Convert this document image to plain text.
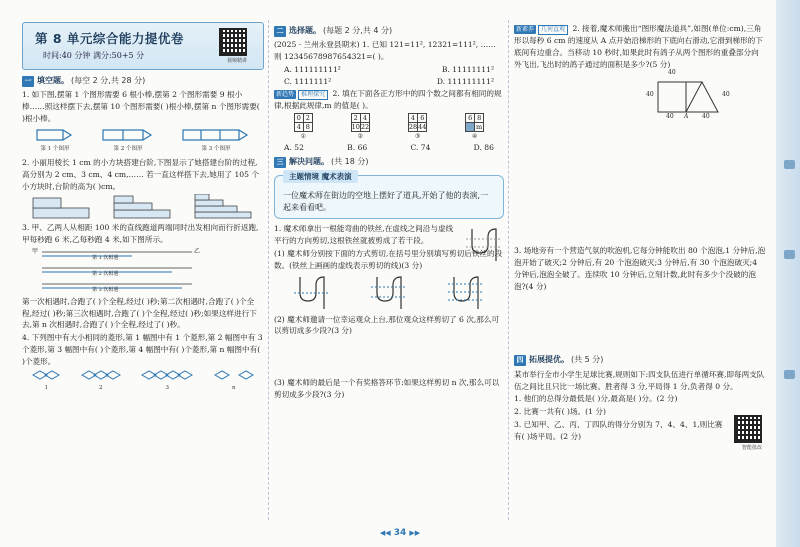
第 8 单元综合能力提优卷
时间:40 分钟 满分:50+5 分
视频精讲
一 填空题。 (每空 2 分,共 28 分)
1. 如下图,摆第 1 个图形需要 6 根小棒,摆第 2 个图形需要 9 根小棒……照这样摆下去,摆第 10 个图形需要( )根小棒,摆第 n 个图形需要( )根小棒。
第 1 个图形	第 2 个图形	第 3 个图形
2. 小丽用棱长 1 cm 的小方块搭建台阶,下图显示了她搭建台阶的过程,高分别为 2 cm、3 cm、4 cm,…… 若一直这样搭下去,她用了 105 个小方块时,台阶的高为( )cm。
3. 甲、乙两人从相距 100 米的直线跑道两端同时出发相向而行折返跑,甲每秒跑 6 米,乙每秒跑 4 米,如下图所示。
甲	乙
第 1 次相遇
第 2 次相遇
第 3 次相遇
第一次相遇时,合跑了( )个全程,经过( )秒;第二次相遇时,合跑了( )个全程,经过( )秒;第三次相遇时,合跑了( )个全程,经过( )秒;如果这样进行下去,第 n 次相遇时,合跑了( )个全程,经过了( )秒。
4. 下列图中有大小相同的菱形,第 1 幅图中有 1 个菱形,第 2 幅图中有 3 个菱形,第 3 幅图中有( )个菱形,第 4 幅图中有( )个菱形,第 n 幅图中有( )个菱形。
1	2	3	n
二 选择题。 (每题 2 分,共 4 分)
(2025 · 兰州永登县期末) 1. 已知 121=11², 12321=111², …… 则 12345678987654321=( )。
A. 111111111²	B. 11111111²
C. 1111111²	D. 111111111²
新趋势 推理探究 2. 填在下面各正方形中的四个数之间都有相同的规律,根据此规律,m 的值是( )。
0	2
4	8
①
2	4
10	22
②
4	6
28	44
③
6	8
	m
④
A. 52	B. 66	C. 74	D. 86
三 解决问题。 (共 18 分)
主题情境 魔术表演
一位魔术师在街边的空地上摆好了道具,开始了他的表演,一起来看看吧。
1. 魔术师拿出一根能弯曲的铁丝,在虚线之间沿与虚线平行的方向剪切,这根铁丝就被剪成了若干段。
(1) 魔术师分别按下面的方式剪切,在括号里分别填写剪切后铁丝的段数。(铁丝上画画的虚线表示剪切的线)(3 分)
(2) 魔术师邀请一位幸运观众上台,那位观众这样剪切了 6 次,那么可以剪切成多少段?(3 分)
(3) 魔术师的最后是一个有奖格答环节:如果这样剪切 n 次,那么可以剪切成多少段?(3 分)
新素养 几何直观 2. 接着,魔术师搬出“图形魔法道具”,如图(单位:cm),三角形以每秒 6 cm 的速度从 A 点开始沿梯形的下底向右滑动,它滑到梯形的下底间有边重合。当移动 10 秒时,如果此时有鸽子从两个图形的重叠部分向外飞出,飞出时的鸽子通过的面积是多少?(5 分)
40
40	40
40 A 40
3. 场地旁有一个营造气氛的吹泡机,它每分钟能吹出 80 个泡泡,1 分钟后,泡泡开始了破灭;2 分钟后,有 20 个泡泡破灭;3 分钟后,有 30 个泡泡破灭;4 分钟后,泡泡全破了。连续吹 10 分钟后,立刻计数,此时有多少个没破的泡泡?(4 分)
四 拓展提优。 (共 5 分)
某市举行全市小学生足球比赛,规则如下:四支队伍进行单循环赛,即每两支队伍之间比且只比一场比赛。胜者得 3 分,平局得 1 分,负者得 0 分。
1. 他们的总得分最低是( )分,最高是( )分。(2 分)
2. 比赛一共有( )场。(1 分)
3. 已知甲、乙、丙、丁四队的得分分别为 7、4、4、1,则比赛有( )场平局。(2 分)
智能批改
◀◀ 34 ▶▶
